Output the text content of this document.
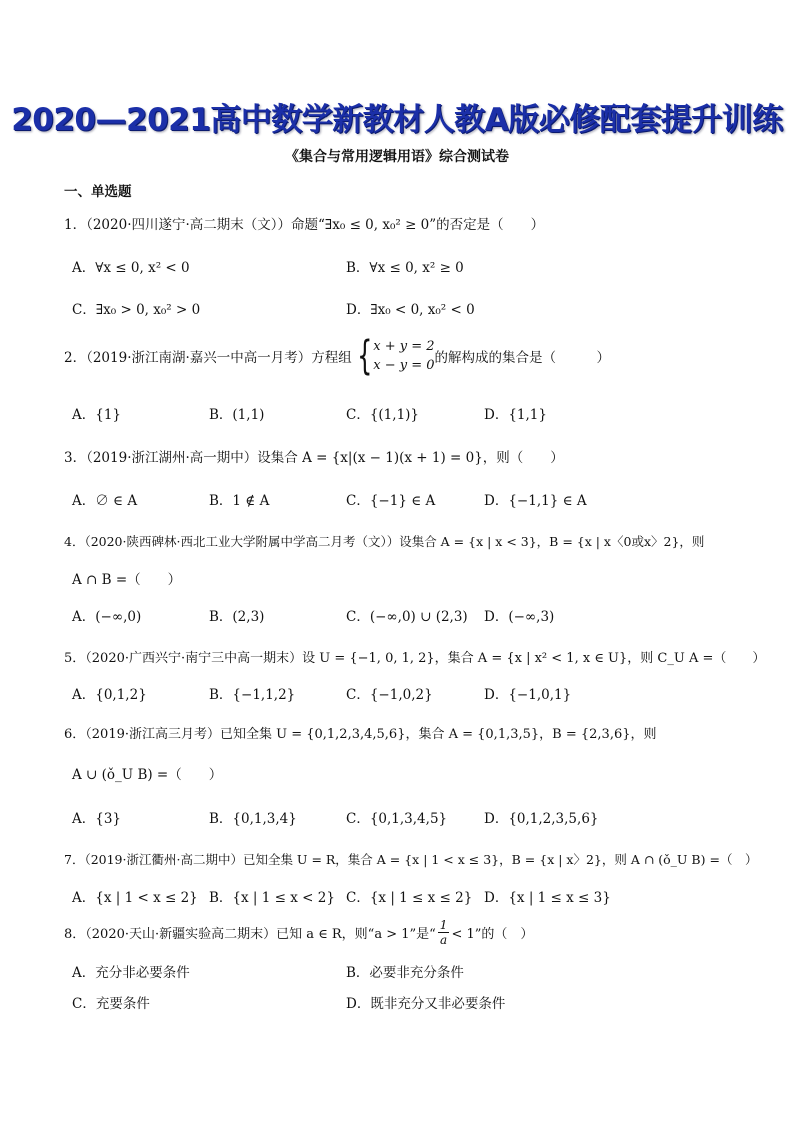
2020—2021高中数学新教材人教A版必修配套提升训练
《集合与常用逻辑用语》综合测试卷
一、单选题
1．（2020·四川遂宁·高二期末（文））命题“∃x₀ ≤ 0, x₀² ≥ 0”的否定是（　　）
A．∀x ≤ 0, x² < 0	B．∀x ≤ 0, x² ≥ 0
C．∃x₀ > 0, x₀² > 0	D．∃x₀ < 0, x₀² < 0
2．（2019·浙江南湖·嘉兴一中高一月考）方程组 { x + y = 2
x − y = 0 的解构成的集合是（　　　）
A．{1}	B．(1,1)	C．{(1,1)}	D．{1,1}
3．（2019·浙江湖州·高一期中）设集合 A = {x|(x − 1)(x + 1) = 0}，则（　　）
A．∅ ∈ A	B．1 ∉ A	C．{−1} ∈ A	D．{−1,1} ∈ A
4．（2020·陕西碑林·西北工业大学附属中学高二月考（文））设集合 A = {x | x < 3}，B = {x | x〈0或x〉2}，则
A ∩ B =（　　）
A．(−∞,0)	B．(2,3)	C．(−∞,0) ∪ (2,3) D．(−∞,3)
5．（2020·广西兴宁·南宁三中高一期末）设 U = {−1, 0, 1, 2}，集合 A = {x | x² < 1, x ∈ U}，则 C_U A =（　　）
A．{0,1,2}	B．{−1,1,2}	C．{−1,0,2}	D．{−1,0,1}
6．（2019·浙江高三月考）已知全集 U = {0,1,2,3,4,5,6}，集合 A = {0,1,3,5}，B = {2,3,6}，则
A ∪ (ǒ_U B) =（　　）
A．{3}	B．{0,1,3,4}	C．{0,1,3,4,5}	D．{0,1,2,3,5,6}
7．（2019·浙江衢州·高二期中）已知全集 U = R，集合 A = {x | 1 < x ≤ 3}，B = {x | x〉2}，则 A ∩ (ǒ_U B) =（　）
A．{x | 1 < x ≤ 2} B．{x | 1 ≤ x < 2} C．{x | 1 ≤ x ≤ 2} D．{x | 1 ≤ x ≤ 3}
8．（2020·天山·新疆实验高二期末）已知 a ∈ R，则“a > 1”是“ $\frac{1}{a} < 1$”的（　）
A．充分非必要条件	B．必要非充分条件
C．充要条件	D．既非充分又非必要条件
